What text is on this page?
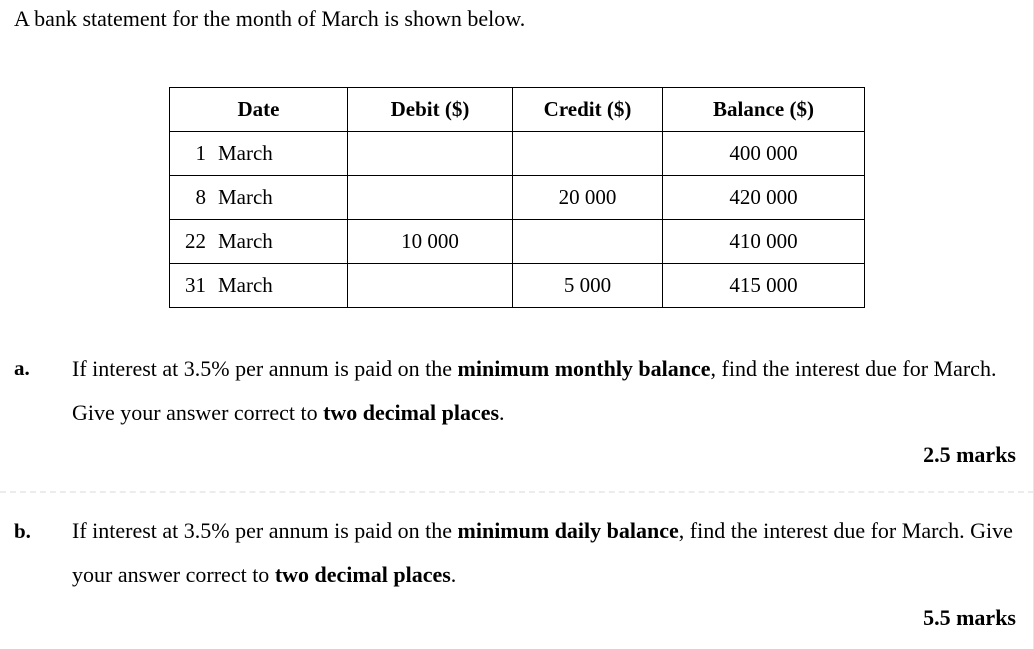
A bank statement for the month of March is shown below.
Date	Debit ($)	Credit ($)	Balance ($)
1 March			400 000
8 March		20 000	420 000
22 March	10 000		410 000
31 March		5 000	415 000
a. If interest at 3.5% per annum is paid on the minimum monthly balance, find the interest due for March. Give your answer correct to two decimal places.
2.5 marks
b. If interest at 3.5% per annum is paid on the minimum daily balance, find the interest due for March. Give your answer correct to two decimal places.
5.5 marks
